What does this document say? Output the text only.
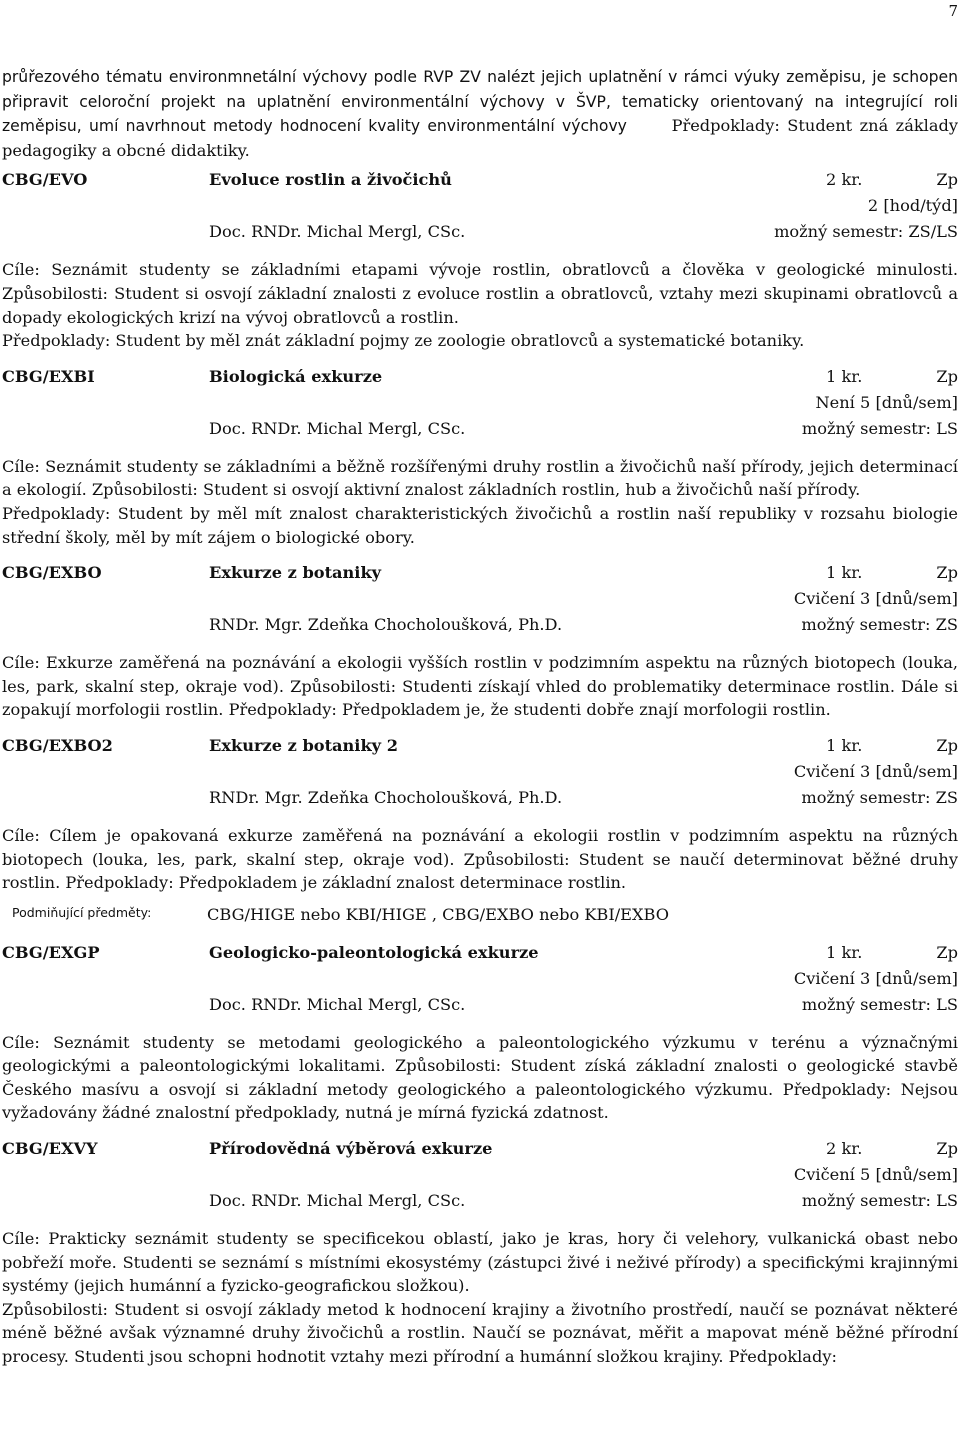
7

průřezového tématu environmnetální výchovy podle RVP ZV nalézt jejich uplatnění v rámci výuky zeměpisu, je schopen připravit celoroční projekt na uplatnění environmentální výchovy v ŠVP, tematicky orientovaný na integrující roli zeměpisu, umí navrhnout metody hodnocení kvality environmentální výchovy	Předpoklady: Student zná základy pedagogiky a obcné didaktiky.

CBG/EVO	Evoluce rostlin a živočichů	2 kr.	Zp
2 [hod/týd]
Doc. RNDr. Michal Mergl, CSc.	možný semestr: ZS/LS

Cíle: Seznámit studenty se základními etapami vývoje rostlin, obratlovců a člověka v geologické minulosti. Způsobilosti: Student si osvojí základní znalosti z evoluce rostlin a obratlovců, vztahy mezi skupinami obratlovců a dopady ekologických krizí na vývoj obratlovců a rostlin.

Předpoklady: Student by měl znát základní pojmy ze zoologie obratlovců a systematické botaniky.

CBG/EXBI	Biologická exkurze	1 kr.	Zp
Není 5 [dnů/sem]
Doc. RNDr. Michal Mergl, CSc.	možný semestr: LS

Cíle: Seznámit studenty se základními a běžně rozšířenými druhy rostlin a živočichů naší přírody, jejich determinací a ekologií. Způsobilosti: Student si osvojí aktivní znalost základních rostlin, hub a živočichů naší přírody.

Předpoklady: Student by měl mít znalost charakteristických živočichů a rostlin naší republiky v rozsahu biologie střední školy, měl by mít zájem o biologické obory.

CBG/EXBO	Exkurze z botaniky	1 kr.	Zp
Cvičení 3 [dnů/sem]
RNDr. Mgr. Zdeňka Chocholoušková, Ph.D.	možný semestr: ZS

Cíle: Exkurze zaměřená na poznávání a ekologii vyšších rostlin v podzimním aspektu na různých biotopech (louka, les, park, skalní step, okraje vod). Způsobilosti: Studenti získají vhled do problematiky determinace rostlin. Dále si zopakují morfologii rostlin. Předpoklady: Předpokladem je, že studenti dobře znají morfologii rostlin.

CBG/EXBO2	Exkurze z botaniky 2	1 kr.	Zp
Cvičení 3 [dnů/sem]
RNDr. Mgr. Zdeňka Chocholoušková, Ph.D.	možný semestr: ZS

Cíle: Cílem je opakovaná exkurze zaměřená na poznávání a ekologii rostlin v podzimním aspektu na různých biotopech (louka, les, park, skalní step, okraje vod). Způsobilosti: Student se naučí determinovat běžné druhy rostlin. Předpoklady: Předpokladem je základní znalost determinace rostlin.

Podmiňující předměty:	CBG/HIGE nebo KBI/HIGE , CBG/EXBO nebo KBI/EXBO
CBG/EXGP	Geologicko-paleontologická exkurze	1 kr.	Zp
Cvičení 3 [dnů/sem]
Doc. RNDr. Michal Mergl, CSc.	možný semestr: LS

Cíle: Seznámit studenty se metodami geologického a paleontologického výzkumu v terénu a význačnými geologickými a paleontologickými lokalitami. Způsobilosti: Student získá základní znalosti o geologické stavbě Českého masívu a osvojí si základní metody geologického a paleontologického výzkumu. Předpoklady: Nejsou vyžadovány žádné znalostní předpoklady, nutná je mírná fyzická zdatnost.

CBG/EXVY	Přírodovědná výběrová exkurze	2 kr.	Zp
Cvičení 5 [dnů/sem]
Doc. RNDr. Michal Mergl, CSc.	možný semestr: LS

Cíle: Prakticky seznámit studenty se specificekou oblastí, jako je kras, hory či velehory, vulkanická obast nebo pobřeží moře. Studenti se seznámí s místními ekosystémy (zástupci živé i neživé přírody) a specifickými krajinnými systémy (jejich humánní a fyzicko-geografickou složkou).

Způsobilosti: Student si osvojí základy metod k hodnocení krajiny a životního prostředí, naučí se poznávat některé méně běžné avšak významné druhy živočichů a rostlin. Naučí se poznávat, měřit a mapovat méně běžné přírodní procesy. Studenti jsou schopni hodnotit vztahy mezi přírodní a humánní složkou krajiny. Předpoklady:
